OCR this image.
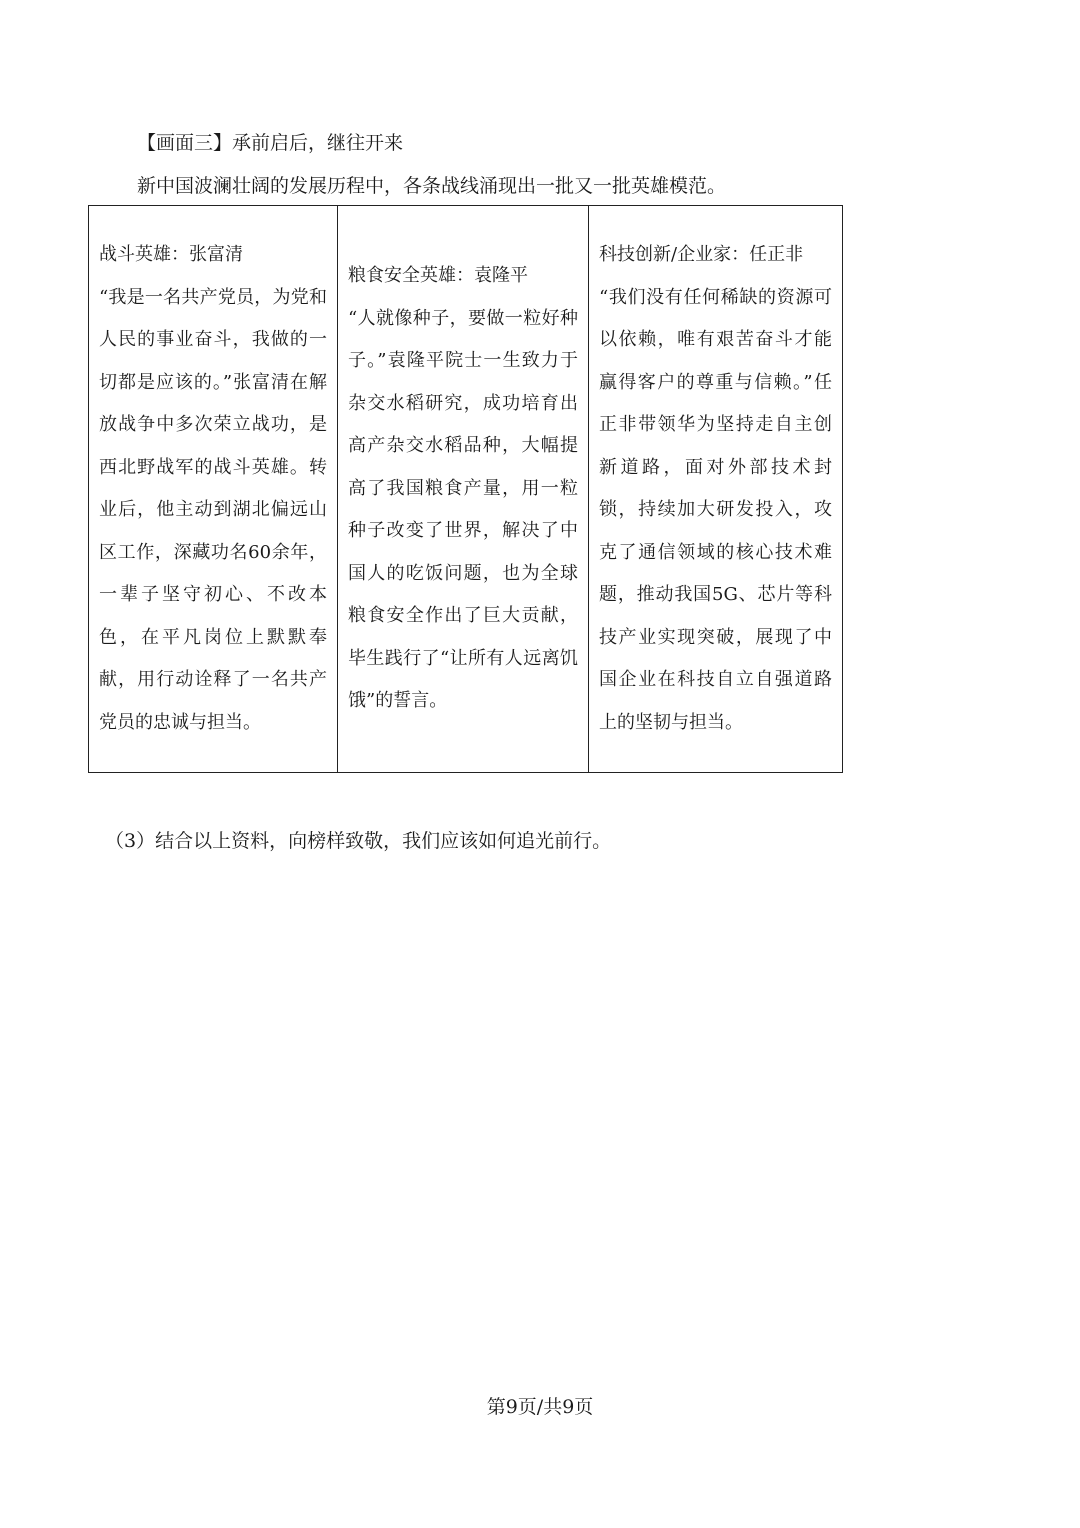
【画面三】承前启后，继往开来
新中国波澜壮阔的发展历程中，各条战线涌现出一批又一批英雄模范。
战斗英雄：张富清
“我是一名共产党员，为党和人民的事业奋斗，我做的一切都是应该的。”张富清在解放战争中多次荣立战功，是西北野战军的战斗英雄。转业后，他主动到湖北偏远山区工作，深藏功名60余年，一辈子坚守初心、不改本色，在平凡岗位上默默奉献，用行动诠释了一名共产党员的忠诚与担当。	
粮食安全英雄：袁隆平
“人就像种子，要做一粒好种子。”袁隆平院士一生致力于杂交水稻研究，成功培育出高产杂交水稻品种，大幅提高了我国粮食产量，用一粒种子改变了世界，解决了中国人的吃饭问题，也为全球粮食安全作出了巨大贡献，毕生践行了“让所有人远离饥饿”的誓言。	
科技创新/企业家：任正非
“我们没有任何稀缺的资源可以依赖，唯有艰苦奋斗才能赢得客户的尊重与信赖。”任正非带领华为坚持走自主创新道路，面对外部技术封锁，持续加大研发投入，攻克了通信领域的核心技术难题，推动我国5G、芯片等科技产业实现突破，展现了中国企业在科技自立自强道路上的坚韧与担当。
（3）结合以上资料，向榜样致敬，我们应该如何追光前行。
第9页/共9页
